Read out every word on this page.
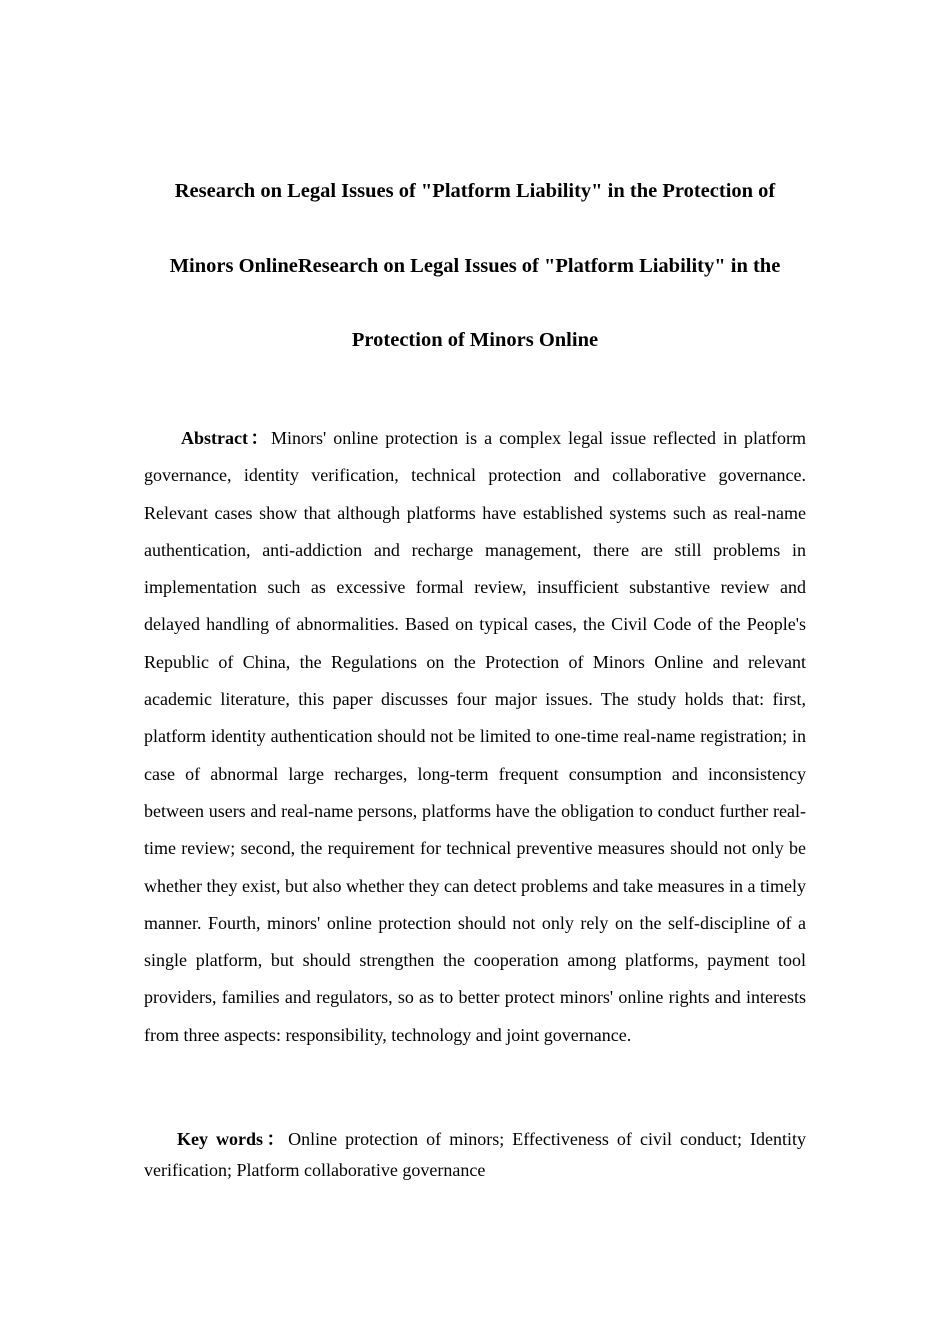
Research on Legal Issues of "Platform Liability" in the Protection of Minors OnlineResearch on Legal Issues of "Platform Liability" in the Protection of Minors Online

Abstract：Minors' online protection is a complex legal issue reflected in platform governance, identity verification, technical protection and collaborative governance. Relevant cases show that although platforms have established systems such as real-name authentication, anti-addiction and recharge management, there are still problems in implementation such as excessive formal review, insufficient substantive review and delayed handling of abnormalities. Based on typical cases, the Civil Code of the People's Republic of China, the Regulations on the Protection of Minors Online and relevant academic literature, this paper discusses four major issues. The study holds that: first, platform identity authentication should not be limited to one-time real-name registration; in case of abnormal large recharges, long-term frequent consumption and inconsistency between users and real-name persons, platforms have the obligation to conduct further real-time review; second, the requirement for technical preventive measures should not only be whether they exist, but also whether they can detect problems and take measures in a timely manner. Fourth, minors' online protection should not only rely on the self-discipline of a single platform, but should strengthen the cooperation among platforms, payment tool providers, families and regulators, so as to better protect minors' online rights and interests from three aspects: responsibility, technology and joint governance.

Key words：Online protection of minors; Effectiveness of civil conduct; Identity verification; Platform collaborative governance
